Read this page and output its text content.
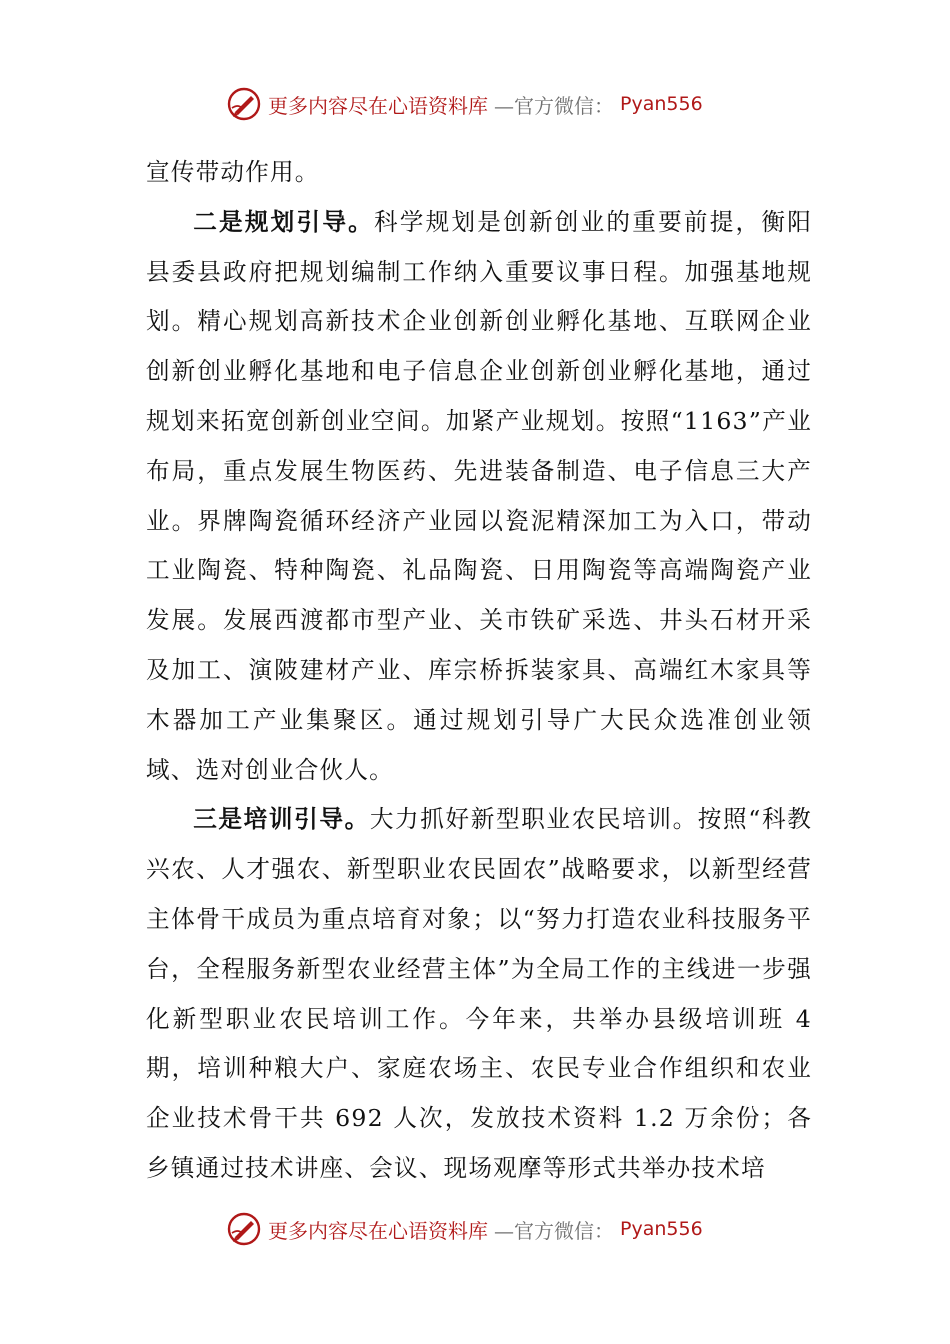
更多内容尽在心语资料库 —官方微信： Pyan556

宣传带动作用。

二是规划引导。科学规划是创新创业的重要前提，衡阳县委县政府把规划编制工作纳入重要议事日程。加强基地规划。精心规划高新技术企业创新创业孵化基地、互联网企业创新创业孵化基地和电子信息企业创新创业孵化基地，通过规划来拓宽创新创业空间。加紧产业规划。按照“1163”产业布局，重点发展生物医药、先进装备制造、电子信息三大产业。界牌陶瓷循环经济产业园以瓷泥精深加工为入口，带动工业陶瓷、特种陶瓷、礼品陶瓷、日用陶瓷等高端陶瓷产业发展。发展西渡都市型产业、关市铁矿采选、井头石材开采及加工、演陂建材产业、库宗桥拆装家具、高端红木家具等木器加工产业集聚区。通过规划引导广大民众选准创业领域、选对创业合伙人。

三是培训引导。大力抓好新型职业农民培训。按照“科教兴农、人才强农、新型职业农民固农”战略要求，以新型经营主体骨干成员为重点培育对象；以“努力打造农业科技服务平台，全程服务新型农业经营主体”为全局工作的主线进一步强化新型职业农民培训工作。今年来，共举办县级培训班 4 期，培训种粮大户、家庭农场主、农民专业合作组织和农业企业技术骨干共 692 人次，发放技术资料 1.2 万余份；各乡镇通过技术讲座、会议、现场观摩等形式共举办技术培

更多内容尽在心语资料库 —官方微信： Pyan556
